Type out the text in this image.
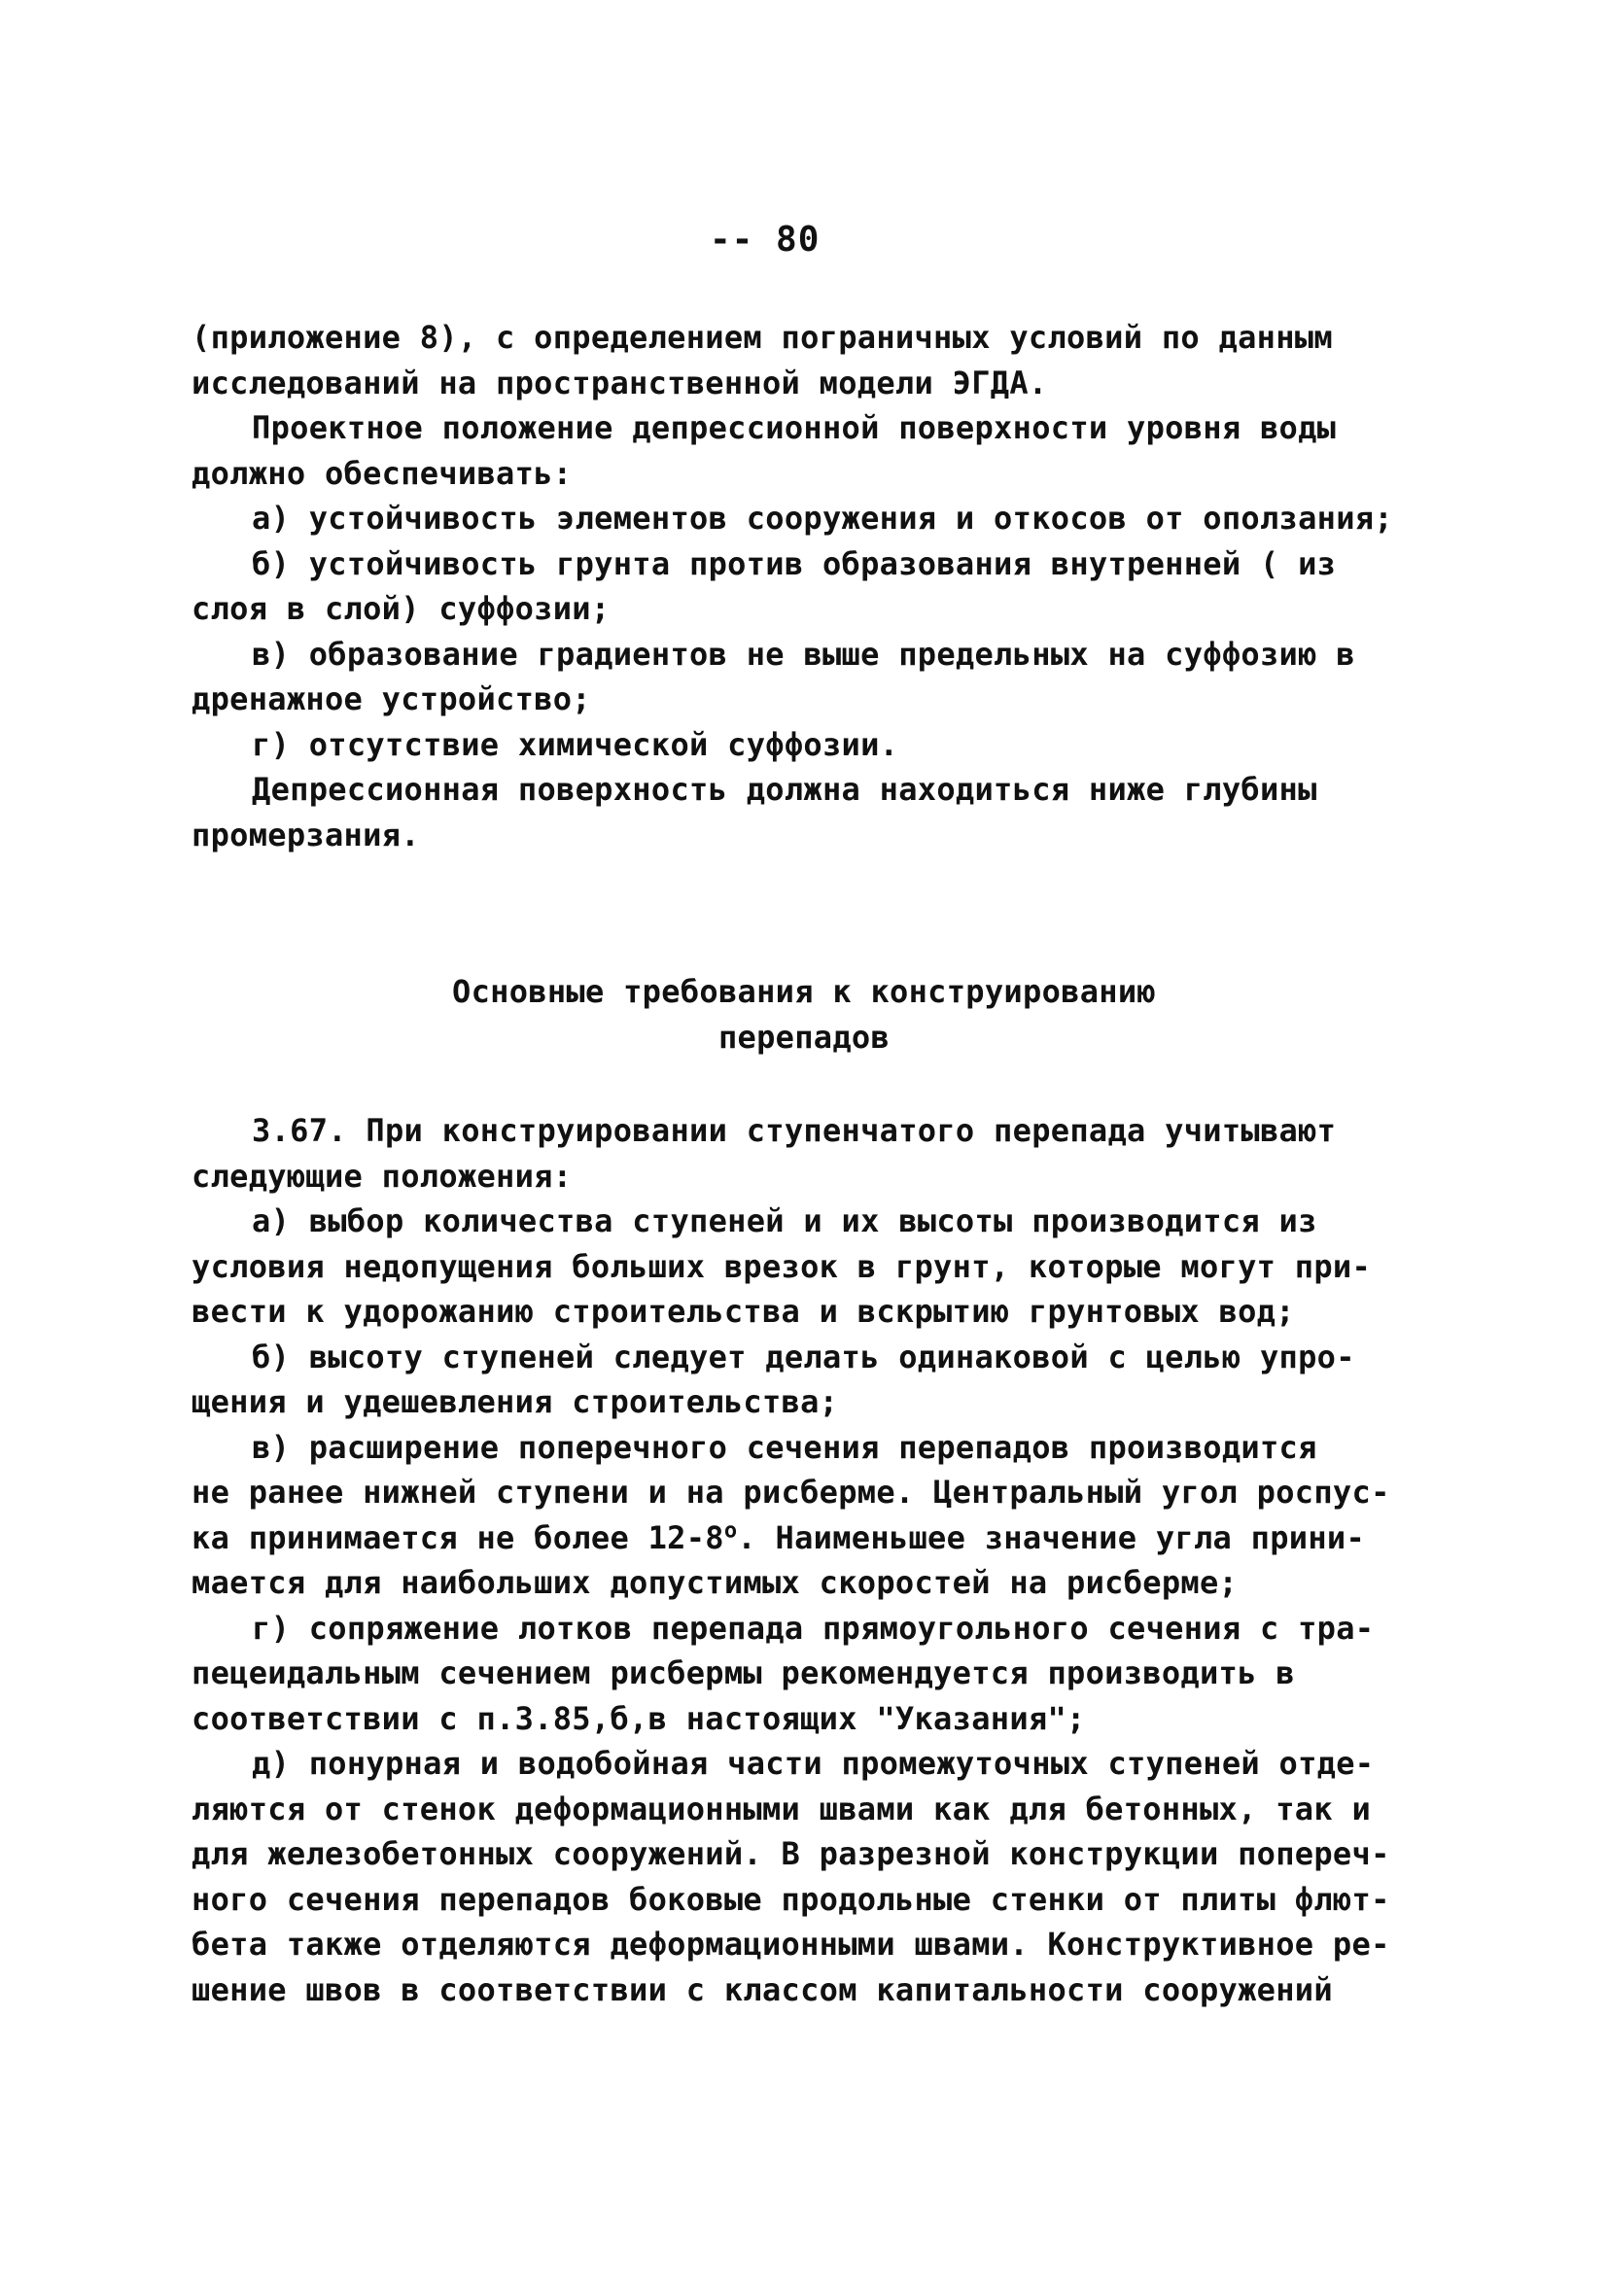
-- 80
(приложение 8), с определением пограничных условий по данным
исследований на пространственной модели ЭГДА.
Проектное положение депрессионной поверхности уровня воды
должно обеспечивать:
а) устойчивость элементов сооружения и откосов от оползания;
б) устойчивость грунта против образования внутренней ( из
слоя в слой) суффозии;
в) образование градиентов не выше предельных на суффозию в
дренажное устройство;
г) отсутствие химической суффозии.
Депрессионная поверхность должна находиться ниже глубины
промерзания.
Основные требования к конструированию
перепадов
3.67. При конструировании ступенчатого перепада учитывают
следующие положения:
а) выбор количества ступеней и их высоты производится из
условия недопущения больших врезок в грунт, которые могут при-
вести к удорожанию строительства и вскрытию грунтовых вод;
б) высоту ступеней следует делать одинаковой с целью упро-
щения и удешевления строительства;
в) расширение поперечного сечения перепадов производится
не ранее нижней ступени и на рисберме. Центральный угол роспус-
ка принимается не более 12-8$^o$. Наименьшее значение угла прини-
мается для наибольших допустимых скоростей на рисберме;
г) сопряжение лотков перепада прямоугольного сечения с тра-
пецеидальным сечением рисбермы рекомендуется производить в
соответствии с п.3.85,б,в настоящих "Указания";
д) понурная и водобойная части промежуточных ступеней отде-
ляются от стенок деформационными швами как для бетонных, так и
для железобетонных сооружений. В разрезной конструкции попереч-
ного сечения перепадов боковые продольные стенки от плиты флют-
бета также отделяются деформационными швами. Конструктивное ре-
шение швов в соответствии с классом капитальности сооружений
